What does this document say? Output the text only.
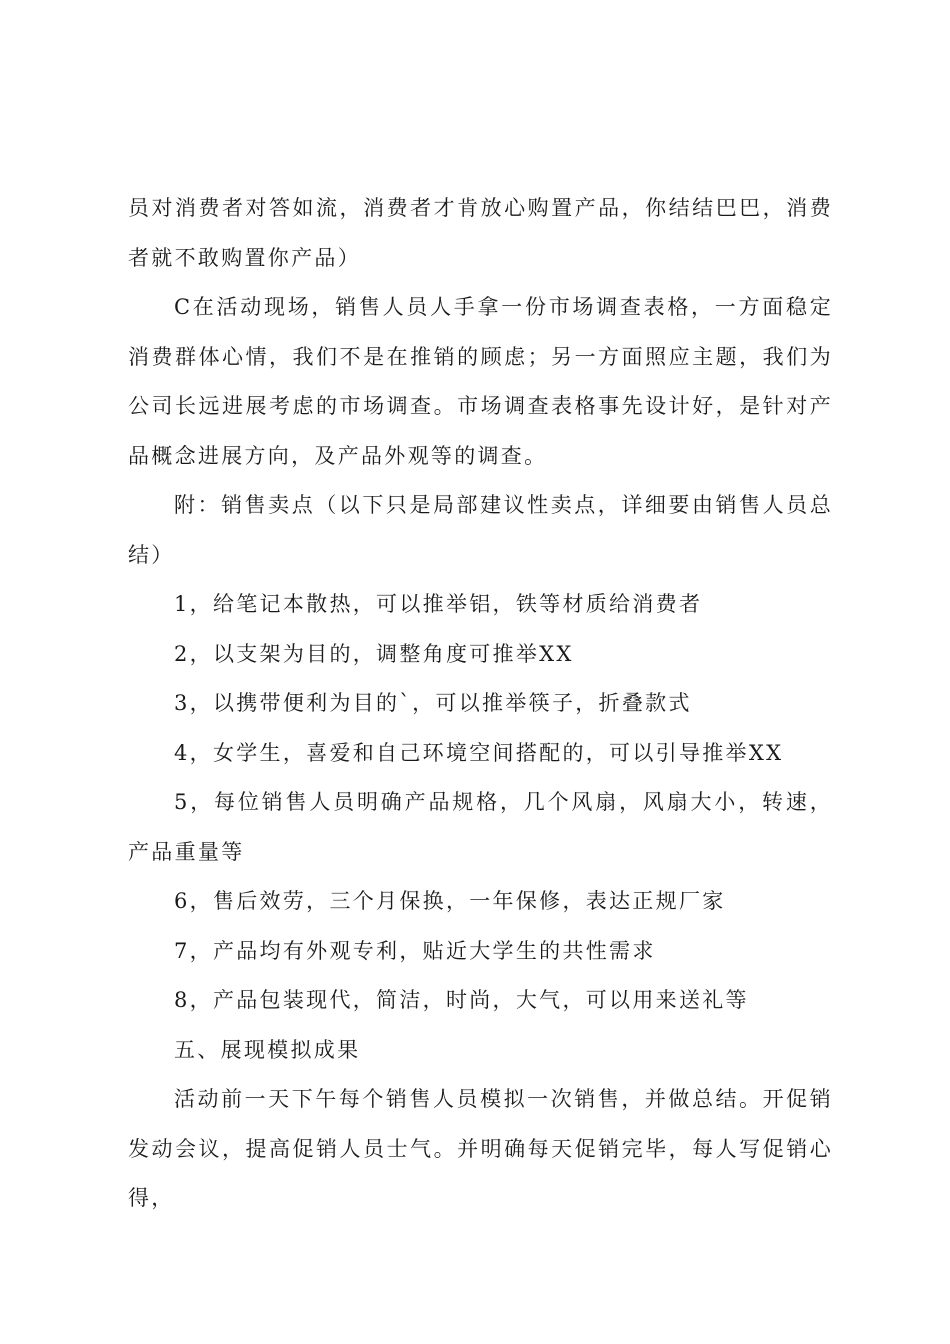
员对消费者对答如流，消费者才肯放心购置产品，你结结巴巴，消费者就不敢购置你产品）

C在活动现场，销售人员人手拿一份市场调查表格，一方面稳定消费群体心情，我们不是在推销的顾虑；另一方面照应主题，我们为公司长远进展考虑的市场调查。市场调查表格事先设计好，是针对产品概念进展方向，及产品外观等的调查。

附：销售卖点（以下只是局部建议性卖点，详细要由销售人员总结）

1，给笔记本散热，可以推举铝，铁等材质给消费者

2，以支架为目的，调整角度可推举XX

3，以携带便利为目的`，可以推举筷子，折叠款式

4，女学生，喜爱和自己环境空间搭配的，可以引导推举XX

5，每位销售人员明确产品规格，几个风扇，风扇大小，转速，产品重量等

6，售后效劳，三个月保换，一年保修，表达正规厂家

7，产品均有外观专利，贴近大学生的共性需求

8，产品包装现代，简洁，时尚，大气，可以用来送礼等

五、展现模拟成果

活动前一天下午每个销售人员模拟一次销售，并做总结。开促销发动会议，提高促销人员士气。并明确每天促销完毕，每人写促销心得，
